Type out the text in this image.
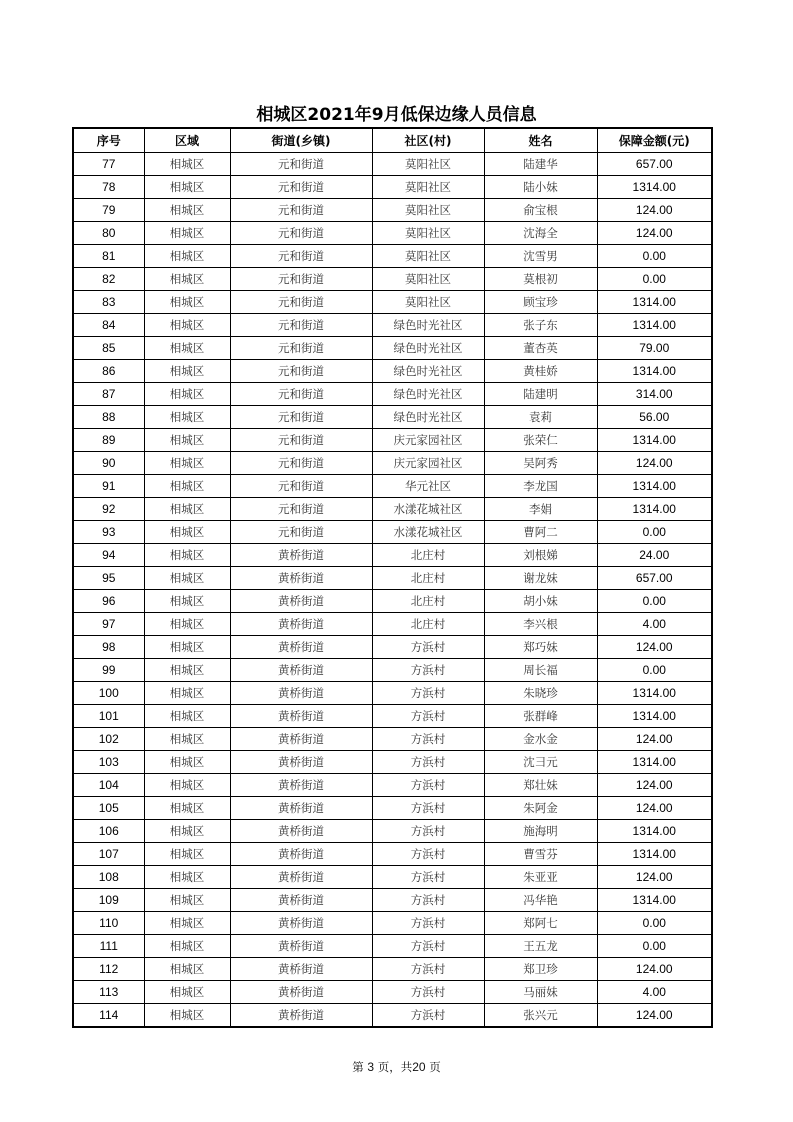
相城区2021年9月低保边缘人员信息
序号	区域	街道(乡镇)	社区(村)	姓名	保障金额(元)
77	相城区	元和街道	莫阳社区	陆建华	657.00
78	相城区	元和街道	莫阳社区	陆小妹	1314.00
79	相城区	元和街道	莫阳社区	俞宝根	124.00
80	相城区	元和街道	莫阳社区	沈海全	124.00
81	相城区	元和街道	莫阳社区	沈雪男	0.00
82	相城区	元和街道	莫阳社区	莫根初	0.00
83	相城区	元和街道	莫阳社区	顾宝珍	1314.00
84	相城区	元和街道	绿色时光社区	张子东	1314.00
85	相城区	元和街道	绿色时光社区	董杏英	79.00
86	相城区	元和街道	绿色时光社区	黄桂娇	1314.00
87	相城区	元和街道	绿色时光社区	陆建明	314.00
88	相城区	元和街道	绿色时光社区	袁莉	56.00
89	相城区	元和街道	庆元家园社区	张荣仁	1314.00
90	相城区	元和街道	庆元家园社区	吴阿秀	124.00
91	相城区	元和街道	华元社区	李龙国	1314.00
92	相城区	元和街道	水漾花城社区	李娟	1314.00
93	相城区	元和街道	水漾花城社区	曹阿二	0.00
94	相城区	黄桥街道	北庄村	刘根娣	24.00
95	相城区	黄桥街道	北庄村	谢龙妹	657.00
96	相城区	黄桥街道	北庄村	胡小妹	0.00
97	相城区	黄桥街道	北庄村	李兴根	4.00
98	相城区	黄桥街道	方浜村	郑巧妹	124.00
99	相城区	黄桥街道	方浜村	周长福	0.00
100	相城区	黄桥街道	方浜村	朱晓珍	1314.00
101	相城区	黄桥街道	方浜村	张群峰	1314.00
102	相城区	黄桥街道	方浜村	金水金	124.00
103	相城区	黄桥街道	方浜村	沈彐元	1314.00
104	相城区	黄桥街道	方浜村	郑壮妹	124.00
105	相城区	黄桥街道	方浜村	朱阿金	124.00
106	相城区	黄桥街道	方浜村	施海明	1314.00
107	相城区	黄桥街道	方浜村	曹雪芬	1314.00
108	相城区	黄桥街道	方浜村	朱亚亚	124.00
109	相城区	黄桥街道	方浜村	冯华艳	1314.00
110	相城区	黄桥街道	方浜村	郑阿七	0.00
111	相城区	黄桥街道	方浜村	王五龙	0.00
112	相城区	黄桥街道	方浜村	郑卫珍	124.00
113	相城区	黄桥街道	方浜村	马丽妹	4.00
114	相城区	黄桥街道	方浜村	张兴元	124.00
第 3 页，共20 页
